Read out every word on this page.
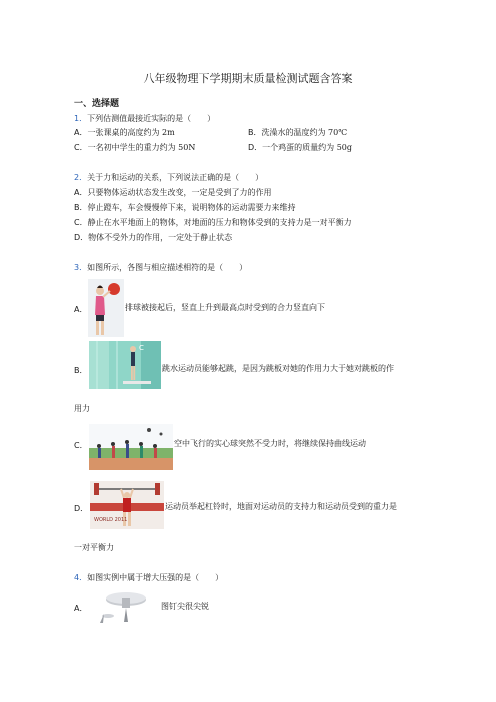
八年级物理下学期期末质量检测试题含答案
一、选择题
1．下列估测值最接近实际的是（　　）
A．一张课桌的高度约为 2m	B．洗澡水的温度约为 70℃
C．一名初中学生的重力约为 50N	D．一个鸡蛋的质量约为 50g
2．关于力和运动的关系，下列说法正确的是（　　）
A．只要物体运动状态发生改变，一定是受到了力的作用
B．停止蹬车，车会慢慢停下来，说明物体的运动需要力来维持
C．静止在水平地面上的物体，对地面的压力和物体受到的支持力是一对平衡力
D．物体不受外力的作用，一定处于静止状态
3．如图所示，各图与相应描述相符的是（　　）
A．	排球被接起后，竖直上升到最高点时受到的合力竖直向下
B．
C
跳水运动员能够起跳，是因为跳板对她的作用力大于她对跳板的作
用力
C．	空中飞行的实心球突然不受力时，将继续保持曲线运动
D．
WORLD 2011
运动员举起杠铃时，地面对运动员的支持力和运动员受到的重力是
一对平衡力
4．如图实例中属于增大压强的是（　　）
A．	图钉尖很尖锐
